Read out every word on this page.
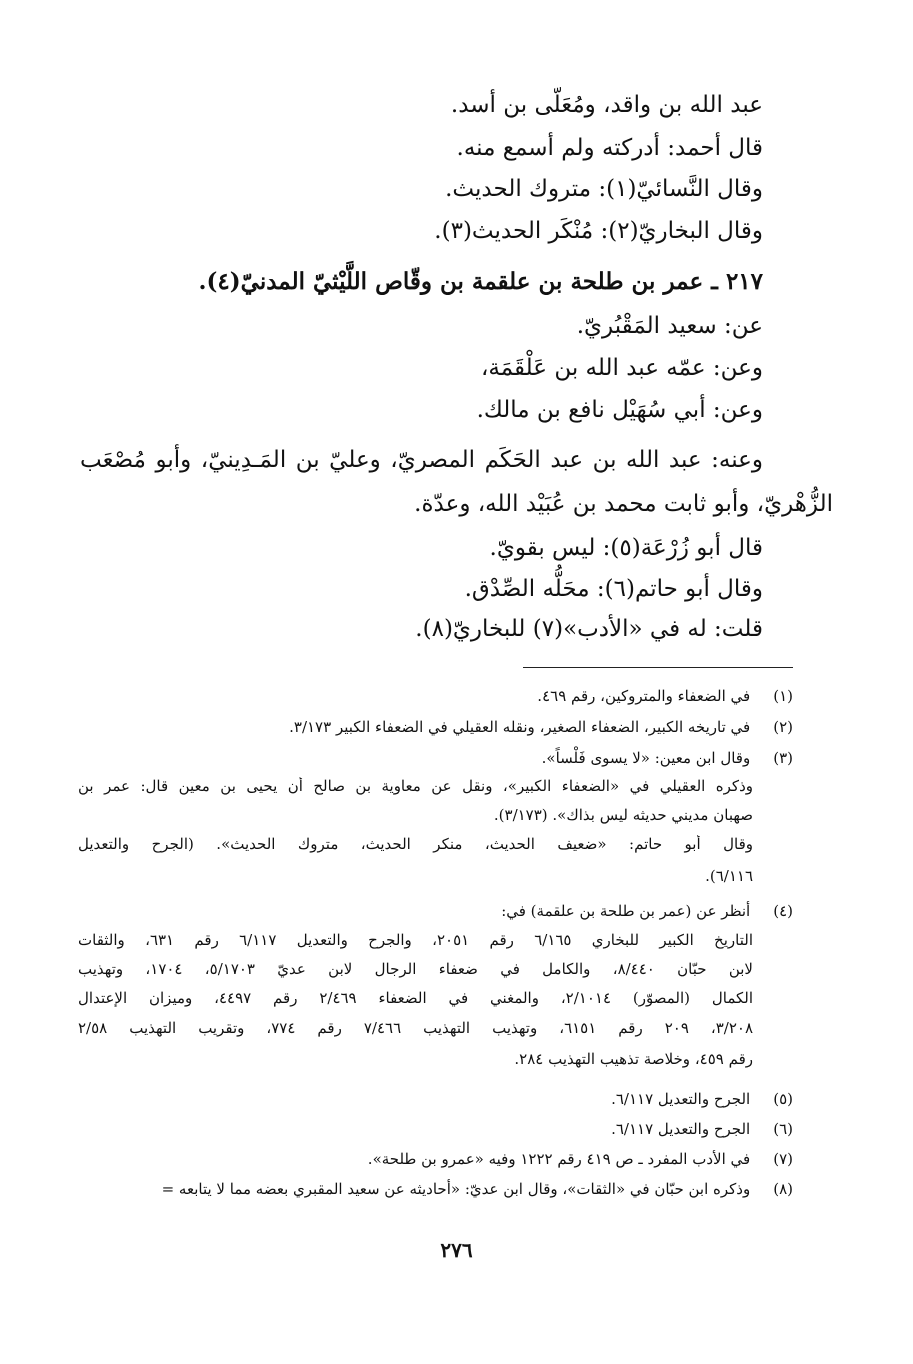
عبد الله بن واقد، ومُعَلّى بن أسد.
قال أحمد: أدركته ولم أسمع منه.
وقال النَّسائيّ(١): متروك الحديث.
وقال البخاريّ(٢): مُنْكَر الحديث(٣).
٢١٧ ـ عمر بن طلحة بن علقمة بن وقّاص اللَّيْثيّ المدنيّ(٤).
عن: سعيد المَقْبُريّ.
وعن: عمّه عبد الله بن عَلْقَمَة،
وعن: أبي سُهَيْل نافع بن مالك.
وعنه: عبد الله بن عبد الحَكَم المصريّ، وعليّ بن المَـدِينيّ، وأبو مُصْعَب
الزُّهْريّ، وأبو ثابت محمد بن عُبَيْد الله، وعدّة.
قال أبو زُرْعَة(٥): ليس بقويّ.
وقال أبو حاتم(٦): محَلُّه الصِّدْق.
قلت: له في «الأدب»(٧) للبخاريّ(٨).
(١) في الضعفاء والمتروكين، رقم ٤٦٩.
(٢) في تاريخه الكبير، الضعفاء الصغير، ونقله العقيلي في الضعفاء الكبير ٣/١٧٣.
(٣) وقال ابن معين: «لا يسوى فَلْساً».
وذكره العقيلي في «الضعفاء الكبير»، ونقل عن معاوية بن صالح أن يحيى بن معين قال: عمر بن
صهبان مديني حديثه ليس بذاك». (٣/١٧٣).
وقال أبو حاتم: «ضعيف الحديث، منكر الحديث، متروك الحديث». (الجرح والتعديل
٦/١١٦).
(٤) أنظر عن (عمر بن طلحة بن علقمة) في:
التاريخ الكبير للبخاري ٦/١٦٥ رقم ٢٠٥١، والجرح والتعديل ٦/١١٧ رقم ٦٣١، والثقات
لابن حبّان ٨/٤٤٠، والكامل في ضعفاء الرجال لابن عديّ ٥/١٧٠٣، ١٧٠٤، وتهذيب
الكمال (المصوّر) ٢/١٠١٤، والمغني في الضعفاء ٢/٤٦٩ رقم ٤٤٩٧، وميزان الإعتدال
٣/٢٠٨، ٢٠٩ رقم ٦١٥١، وتهذيب التهذيب ٧/٤٦٦ رقم ٧٧٤، وتقريب التهذيب ٢/٥٨
رقم ٤٥٩، وخلاصة تذهيب التهذيب ٢٨٤.
(٥) الجرح والتعديل ٦/١١٧.
(٦) الجرح والتعديل ٦/١١٧.
(٧) في الأدب المفرد ـ ص ٤١٩ رقم ١٢٢٢ وفيه «عمرو بن طلحة».
(٨) وذكره ابن حبّان في «الثقات»، وقال ابن عديّ: «أحاديثه عن سعيد المقبري بعضه مما لا يتابعه =
٢٧٦
